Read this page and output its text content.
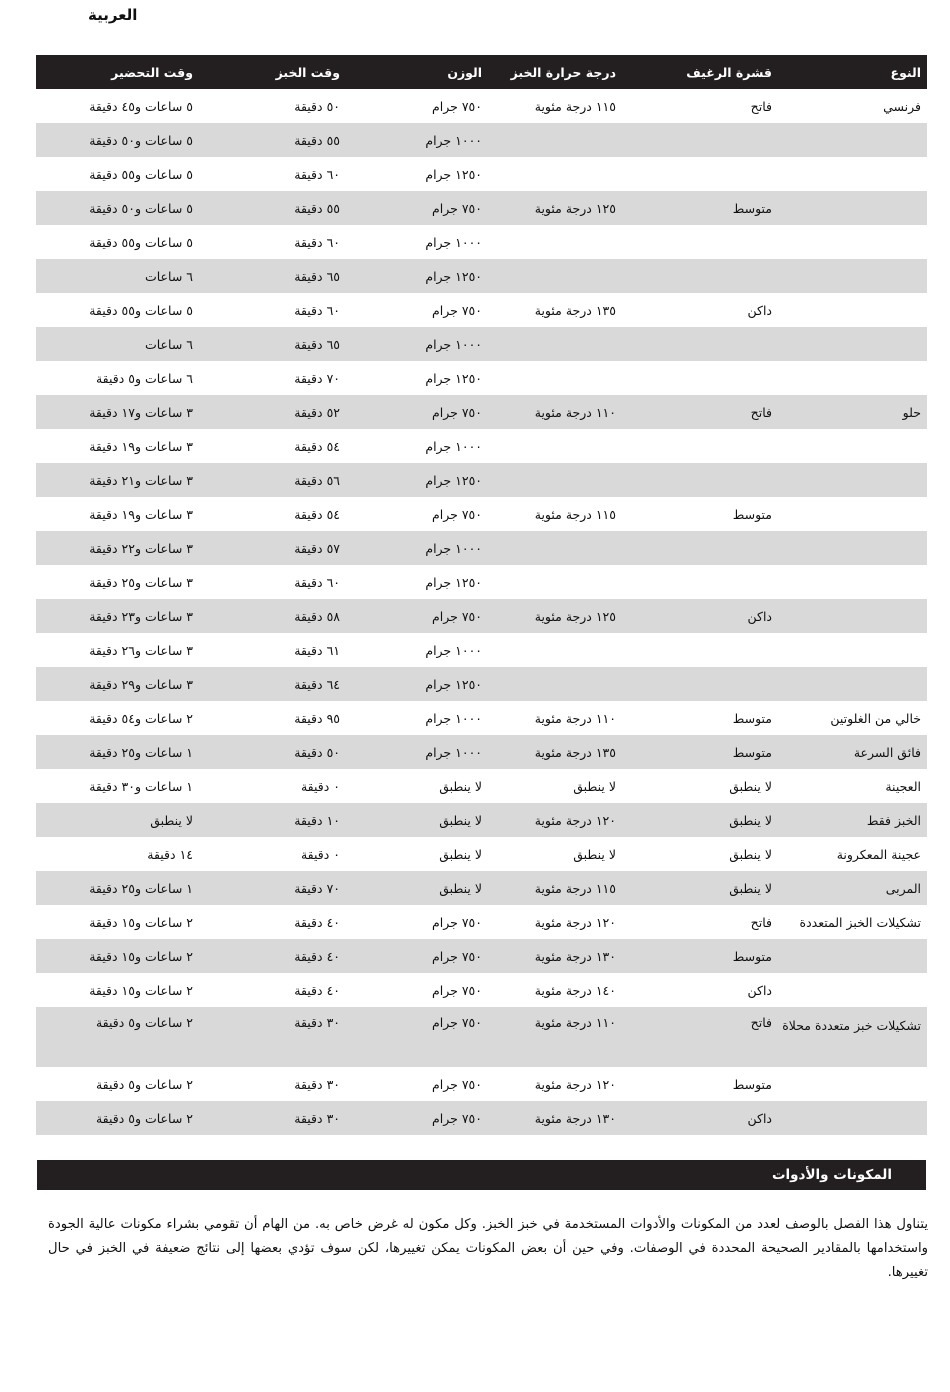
العربية
النوع	قشرة الرغيف	درجة حرارة الخبز	الوزن	وقت الخبز	وقت التحضير
فرنسي	فاتح	١١٥ درجة مئوية	٧٥٠ جرام	٥٠ دقيقة	٥ ساعات و٤٥ دقيقة
			١٠٠٠ جرام	٥٥ دقيقة	٥ ساعات و٥٠ دقيقة
			١٢٥٠ جرام	٦٠ دقيقة	٥ ساعات و٥٥ دقيقة
	متوسط	١٢٥ درجة مئوية	٧٥٠ جرام	٥٥ دقيقة	٥ ساعات و٥٠ دقيقة
			١٠٠٠ جرام	٦٠ دقيقة	٥ ساعات و٥٥ دقيقة
			١٢٥٠ جرام	٦٥ دقيقة	٦ ساعات
	داكن	١٣٥ درجة مئوية	٧٥٠ جرام	٦٠ دقيقة	٥ ساعات و٥٥ دقيقة
			١٠٠٠ جرام	٦٥ دقيقة	٦ ساعات
			١٢٥٠ جرام	٧٠ دقيقة	٦ ساعات و٥ دقيقة
حلو	فاتح	١١٠ درجة مئوية	٧٥٠ جرام	٥٢ دقيقة	٣ ساعات و١٧ دقيقة
			١٠٠٠ جرام	٥٤ دقيقة	٣ ساعات و١٩ دقيقة
			١٢٥٠ جرام	٥٦ دقيقة	٣ ساعات و٢١ دقيقة
	متوسط	١١٥ درجة مئوية	٧٥٠ جرام	٥٤ دقيقة	٣ ساعات و١٩ دقيقة
			١٠٠٠ جرام	٥٧ دقيقة	٣ ساعات و٢٢ دقيقة
			١٢٥٠ جرام	٦٠ دقيقة	٣ ساعات و٢٥ دقيقة
	داكن	١٢٥ درجة مئوية	٧٥٠ جرام	٥٨ دقيقة	٣ ساعات و٢٣ دقيقة
			١٠٠٠ جرام	٦١ دقيقة	٣ ساعات و٢٦ دقيقة
			١٢٥٠ جرام	٦٤ دقيقة	٣ ساعات و٢٩ دقيقة
خالي من الغلوتين	متوسط	١١٠ درجة مئوية	١٠٠٠ جرام	٩٥ دقيقة	٢ ساعات و٥٤ دقيقة
فائق السرعة	متوسط	١٣٥ درجة مئوية	١٠٠٠ جرام	٥٠ دقيقة	١ ساعات و٢٥ دقيقة
العجينة	لا ينطبق	لا ينطبق	لا ينطبق	٠ دقيقة	١ ساعات و٣٠ دقيقة
الخبز فقط	لا ينطبق	١٢٠ درجة مئوية	لا ينطبق	١٠ دقيقة	لا ينطبق
عجينة المعكرونة	لا ينطبق	لا ينطبق	لا ينطبق	٠ دقيقة	١٤ دقيقة
المربى	لا ينطبق	١١٥ درجة مئوية	لا ينطبق	٧٠ دقيقة	١ ساعات و٢٥ دقيقة
تشكيلات الخبز المتعددة	فاتح	١٢٠ درجة مئوية	٧٥٠ جرام	٤٠ دقيقة	٢ ساعات و١٥ دقيقة
	متوسط	١٣٠ درجة مئوية	٧٥٠ جرام	٤٠ دقيقة	٢ ساعات و١٥ دقيقة
	داكن	١٤٠ درجة مئوية	٧٥٠ جرام	٤٠ دقيقة	٢ ساعات و١٥ دقيقة
تشكيلات خبز متعددة محلاة	فاتح	١١٠ درجة مئوية	٧٥٠ جرام	٣٠ دقيقة	٢ ساعات و٥ دقيقة
	متوسط	١٢٠ درجة مئوية	٧٥٠ جرام	٣٠ دقيقة	٢ ساعات و٥ دقيقة
	داكن	١٣٠ درجة مئوية	٧٥٠ جرام	٣٠ دقيقة	٢ ساعات و٥ دقيقة
المكونات والأدوات
يتناول هذا الفصل بالوصف لعدد من المكونات والأدوات المستخدمة في خبز الخبز. وكل مكون له غرض خاص به. من الهام أن تقومي بشراء مكونات عالية الجودة واستخدامها بالمقادير الصحيحة المحددة في الوصفات. وفي حين أن بعض المكونات يمكن تغييرها، لكن سوف تؤدي بعضها إلى نتائج ضعيفة في الخبز في حال تغييرها.
